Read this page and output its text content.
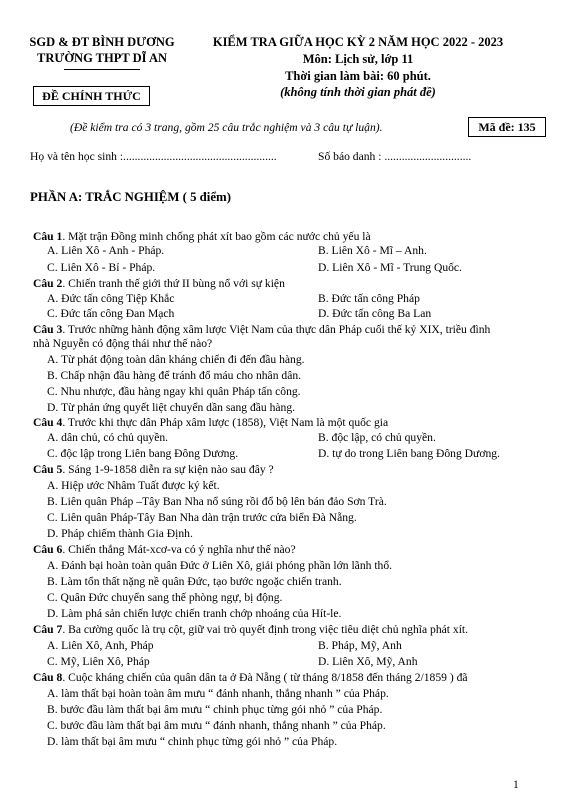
SGD & ĐT BÌNH DƯƠNG
TRƯỜNG THPT DĨ AN
ĐỀ CHÍNH THỨC
KIỂM TRA GIỮA HỌC KỲ 2 NĂM HỌC 2022 - 2023
Môn: Lịch sử, lớp 11
Thời gian làm bài: 60 phút.
(không tính thời gian phát đề)
(Đề kiểm tra có 3 trang, gồm 25 câu trắc nghiệm và 3 câu tự luận).	Mã đề: 135
Họ và tên học sinh :.....................................................	Số báo danh : ..............................
PHẦN A: TRẮC NGHIỆM ( 5 điểm)
Câu 1. Mặt trận Đồng minh chống phát xít bao gồm các nước chủ yếu là
A. Liên Xô - Anh - Pháp.	B. Liên Xô - Mĩ – Anh.
C. Liên Xô - Bỉ - Pháp.	D. Liên Xô - Mĩ - Trung Quốc.
Câu 2. Chiến tranh thế giới thứ II bùng nổ với sự kiện
A. Đức tấn công Tiệp Khắc	B. Đức tấn công Pháp
C. Đức tấn công Đan Mạch	D. Đức tấn công Ba Lan
Câu 3. Trước những hành động xâm lược Việt Nam của thực dân Pháp cuối thế kỷ XIX, triều đình
nhà Nguyễn có động thái như thế nào?
A. Từ phát động toàn dân kháng chiến đi đến đầu hàng.
B. Chấp nhận đầu hàng để tránh đổ máu cho nhân dân.
C. Nhu nhược, đầu hàng ngay khi quân Pháp tấn công.
D. Từ phản ứng quyết liệt chuyển dần sang đầu hàng.
Câu 4. Trước khi thực dân Pháp xâm lược (1858), Việt Nam là một quốc gia
A. dân chủ, có chủ quyền.	B. độc lập, có chủ quyền.
C. độc lập trong Liên bang Đông Dương.	D. tự do trong Liên bang Đông Dương.
Câu 5. Sáng 1-9-1858 diễn ra sự kiện nào sau đây ?
A. Hiệp ước Nhâm Tuất được ký kết.
B. Liên quân Pháp –Tây Ban Nha nổ súng rồi đổ bộ lên bán đảo Sơn Trà.
C. Liên quân Pháp-Tây Ban Nha dàn trận trước cửa biển Đà Nẵng.
D. Pháp chiếm thành Gia Định.
Câu 6. Chiến thắng Mát-xcơ-va có ý nghĩa như thế nào?
A. Đánh bại hoàn toàn quân Đức ở Liên Xô, giải phóng phần lớn lãnh thổ.
B. Làm tổn thất nặng nề quân Đức, tạo bước ngoặc chiến tranh.
C. Quân Đức chuyển sang thế phòng ngự, bị động.
D. Làm phá sản chiến lược chiến tranh chớp nhoáng của Hít-le.
Câu 7. Ba cường quốc là trụ cột, giữ vai trò quyết định trong việc tiêu diệt chủ nghĩa phát xít.
A. Liên Xô, Anh, Pháp	B. Pháp, Mỹ, Anh
C. Mỹ, Liên Xô, Pháp	D. Liên Xô, Mỹ, Anh
Câu 8. Cuộc kháng chiến của quân dân ta ở Đà Nẵng ( từ tháng 8/1858 đến tháng 2/1859 ) đã
A. làm thất bại hoàn toàn âm mưu “ đánh nhanh, thắng nhanh ” của Pháp.
B. bước đầu làm thất bại âm mưu “ chinh phục từng gói nhỏ ” của Pháp.
C. bước đầu làm thất bại âm mưu “ đánh nhanh, thắng nhanh ” của Pháp.
D. làm thất bại âm mưu “ chinh phục từng gói nhỏ ” của Pháp.
1
